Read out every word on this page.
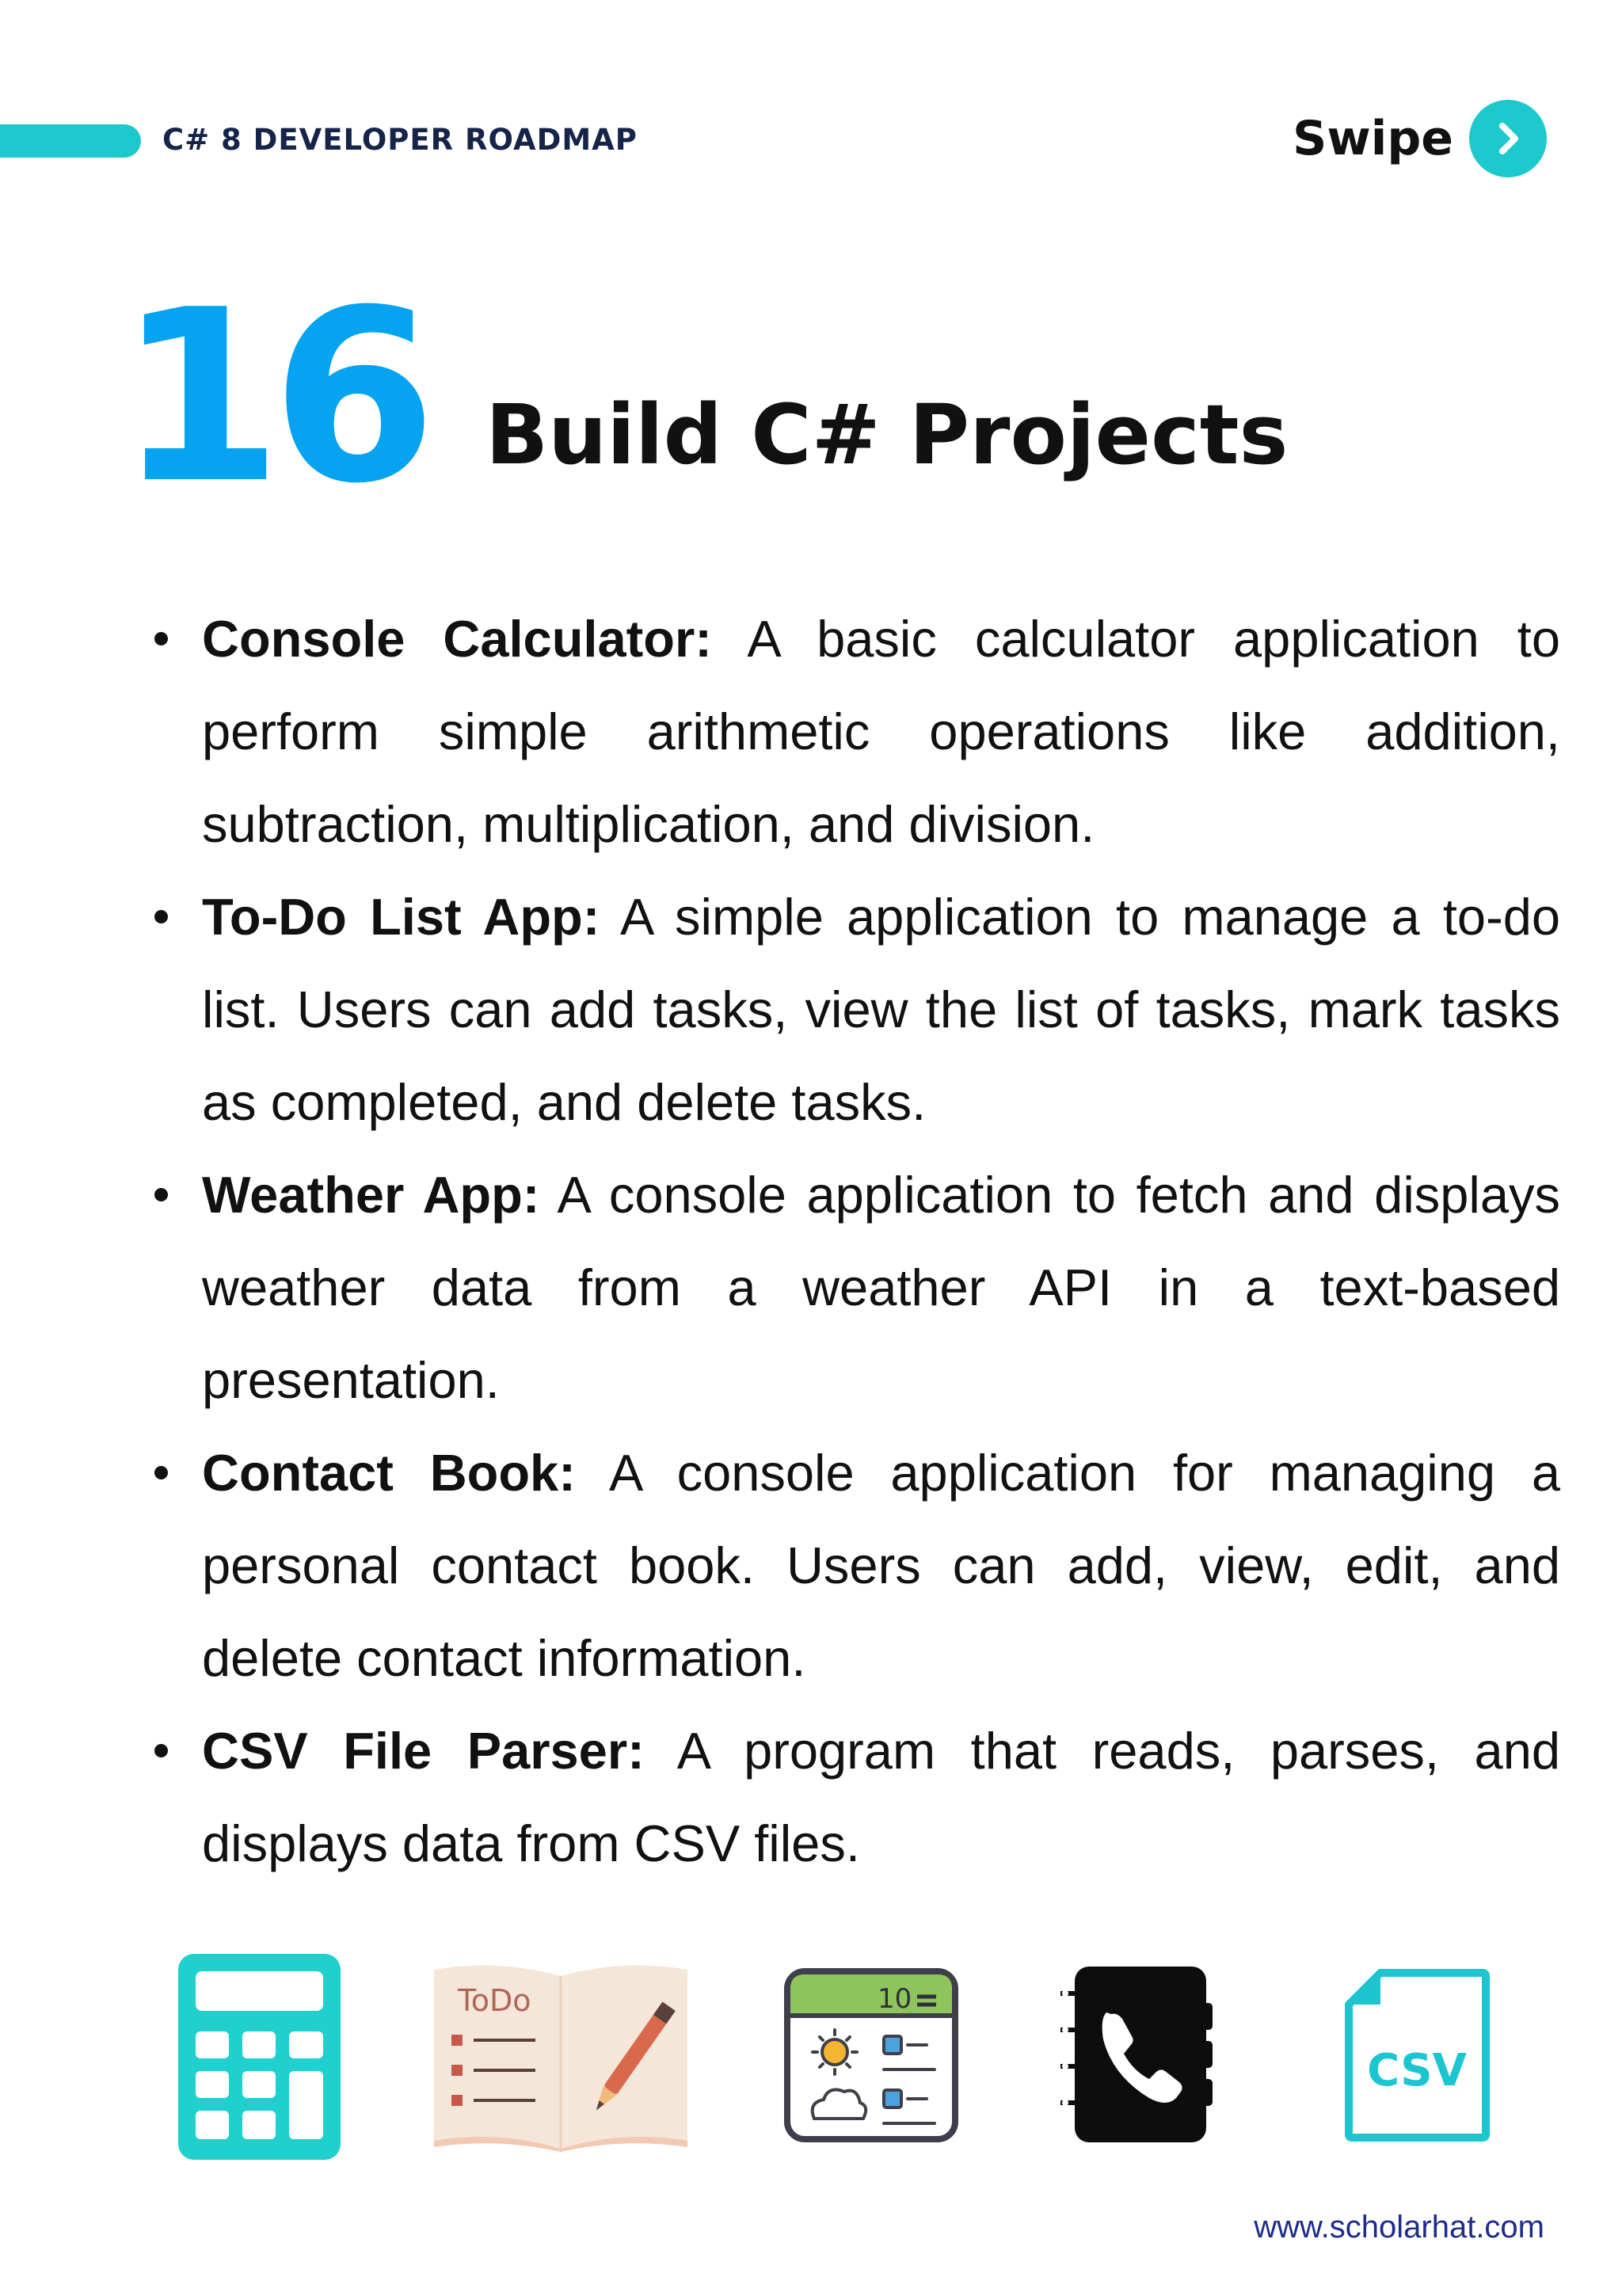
C# 8 DEVELOPER ROADMAP	Swipe
16 Build C# Projects
Console Calculator: A basic calculator application to perform simple arithmetic operations like addition, subtraction, multiplication, and division.
To-Do List App: A simple application to manage a to-do list. Users can add tasks, view the list of tasks, mark tasks as completed, and delete tasks.
Weather App: A console application to fetch and displays weather data from a weather API in a text-based presentation.
Contact Book: A console application for managing a personal contact book. Users can add, view, edit, and delete contact information.
CSV File Parser: A program that reads, parses, and displays data from CSV files.
ToDo	10
CSV
www.scholarhat.com
